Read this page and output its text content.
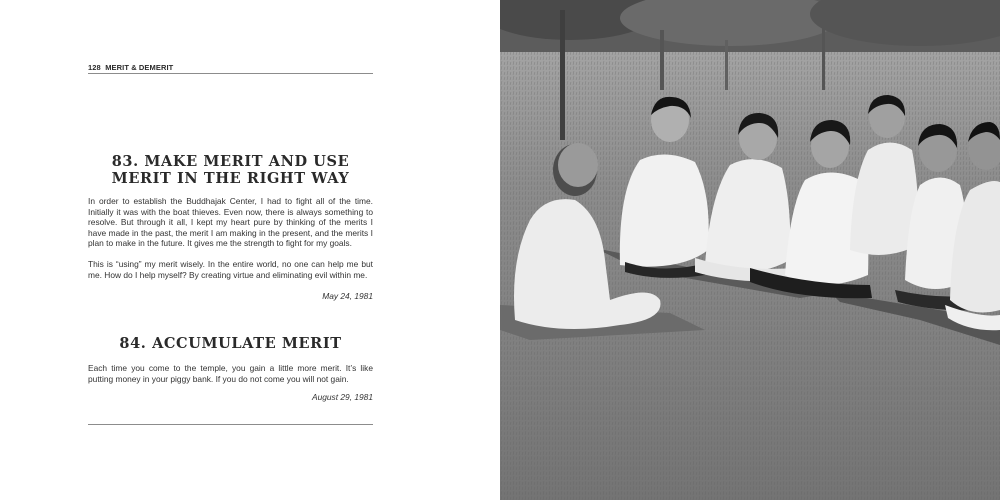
128 MERIT & DEMERIT
83. MAKE MERIT AND USE
MERIT IN THE RIGHT WAY
In order to establish the Buddhajak Center, I had to fight all of the time. Initially it was with the boat thieves. Even now, there is always something to resolve. But through it all, I kept my heart pure by thinking of the merits I have made in the past, the merit I am making in the present, and the merits I plan to make in the future. It gives me the strength to fight for my goals.
This is “using” my merit wisely. In the entire world, no one can help me but me. How do I help myself? By creating virtue and eliminating evil within me.
May 24, 1981
84. ACCUMULATE MERIT
Each time you come to the temple, you gain a little more merit. It’s like putting money in your piggy bank. If you do not come you will not gain.
August 29, 1981
